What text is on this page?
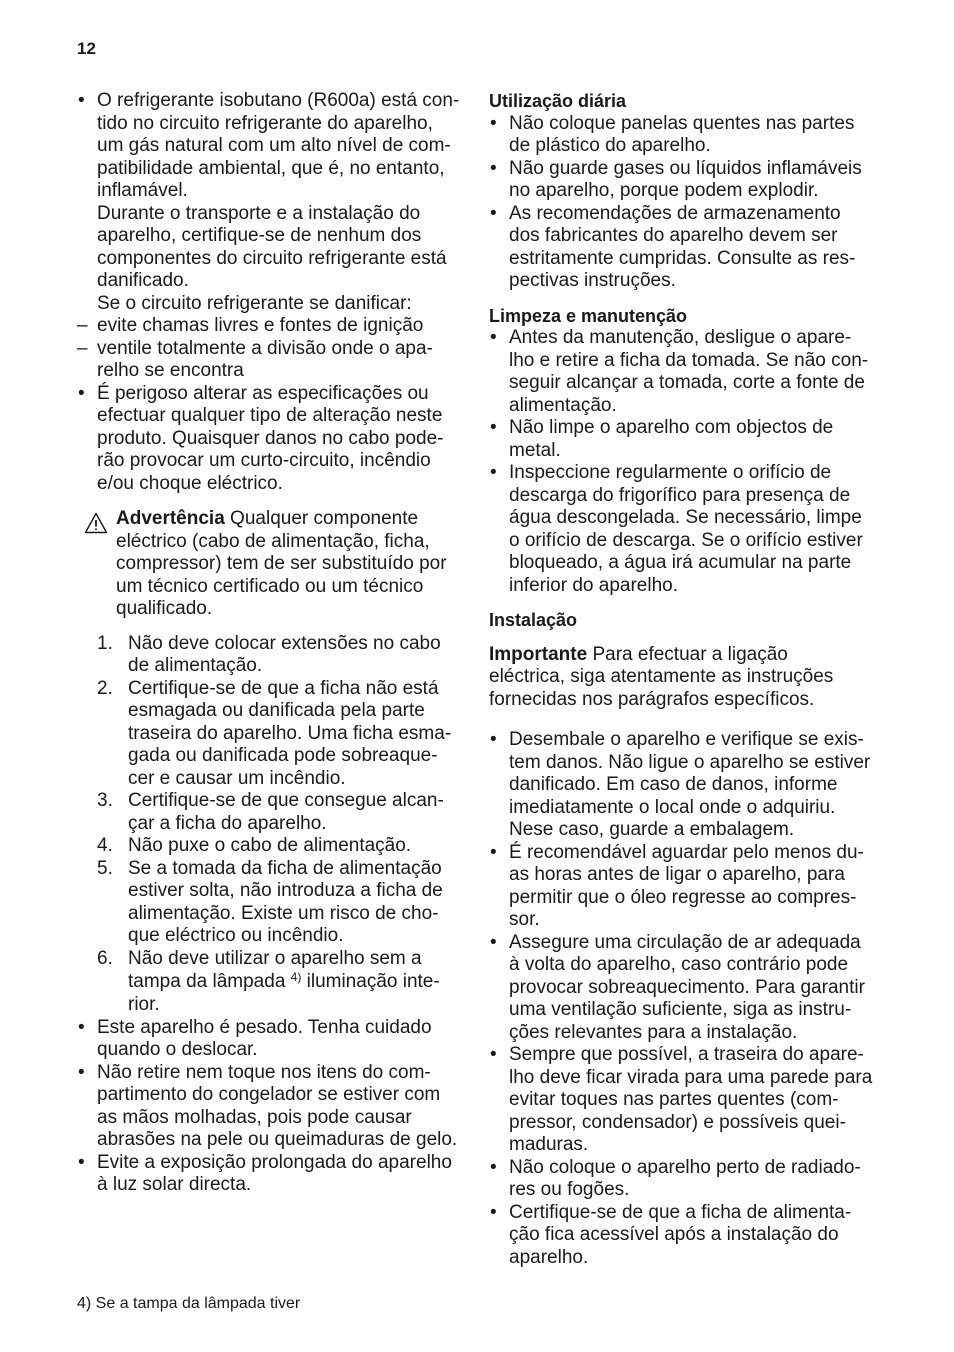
12
• O refrigerante isobutano (R600a) está con-
tido no circuito refrigerante do aparelho,
um gás natural com um alto nível de com-
patibilidade ambiental, que é, no entanto,
inflamável.
Durante o transporte e a instalação do
aparelho, certifique-se de nenhum dos
componentes do circuito refrigerante está
danificado.
Se o circuito refrigerante se danificar:
– evite chamas livres e fontes de ignição
– ventile totalmente a divisão onde o apa-
relho se encontra
• É perigoso alterar as especificações ou
efectuar qualquer tipo de alteração neste
produto. Quaisquer danos no cabo pode-
rão provocar um curto-circuito, incêndio
e/ou choque eléctrico.
Advertência Qualquer componente
eléctrico (cabo de alimentação, ficha,
compressor) tem de ser substituído por
um técnico certificado ou um técnico
qualificado.
1. Não deve colocar extensões no cabo
de alimentação.
2. Certifique-se de que a ficha não está
esmagada ou danificada pela parte
traseira do aparelho. Uma ficha esma-
gada ou danificada pode sobreaque-
cer e causar um incêndio.
3. Certifique-se de que consegue alcan-
çar a ficha do aparelho.
4. Não puxe o cabo de alimentação.
5. Se a tomada da ficha de alimentação
estiver solta, não introduza a ficha de
alimentação. Existe um risco de cho-
que eléctrico ou incêndio.
6. Não deve utilizar o aparelho sem a
tampa da lâmpada $^{4)}$ iluminação inte-
rior.
• Este aparelho é pesado. Tenha cuidado
quando o deslocar.
• Não retire nem toque nos itens do com-
partimento do congelador se estiver com
as mãos molhadas, pois pode causar
abrasões na pele ou queimaduras de gelo.
• Evite a exposição prolongada do aparelho
à luz solar directa.
Utilização diária
• Não coloque panelas quentes nas partes
de plástico do aparelho.
• Não guarde gases ou líquidos inflamáveis
no aparelho, porque podem explodir.
• As recomendações de armazenamento
dos fabricantes do aparelho devem ser
estritamente cumpridas. Consulte as res-
pectivas instruções.
Limpeza e manutenção
• Antes da manutenção, desligue o apare-
lho e retire a ficha da tomada. Se não con-
seguir alcançar a tomada, corte a fonte de
alimentação.
• Não limpe o aparelho com objectos de
metal.
• Inspeccione regularmente o orifício de
descarga do frigorífico para presença de
água descongelada. Se necessário, limpe
o orifício de descarga. Se o orifício estiver
bloqueado, a água irá acumular na parte
inferior do aparelho.
Instalação
Importante Para efectuar a ligação
eléctrica, siga atentamente as instruções
fornecidas nos parágrafos específicos.
• Desembale o aparelho e verifique se exis-
tem danos. Não ligue o aparelho se estiver
danificado. Em caso de danos, informe
imediatamente o local onde o adquiriu.
Nese caso, guarde a embalagem.
• É recomendável aguardar pelo menos du-
as horas antes de ligar o aparelho, para
permitir que o óleo regresse ao compres-
sor.
• Assegure uma circulação de ar adequada
à volta do aparelho, caso contrário pode
provocar sobreaquecimento. Para garantir
uma ventilação suficiente, siga as instru-
ções relevantes para a instalação.
• Sempre que possível, a traseira do apare-
lho deve ficar virada para uma parede para
evitar toques nas partes quentes (com-
pressor, condensador) e possíveis quei-
maduras.
• Não coloque o aparelho perto de radiado-
res ou fogões.
• Certifique-se de que a ficha de alimenta-
ção fica acessível após a instalação do
aparelho.
4) Se a tampa da lâmpada tiver
